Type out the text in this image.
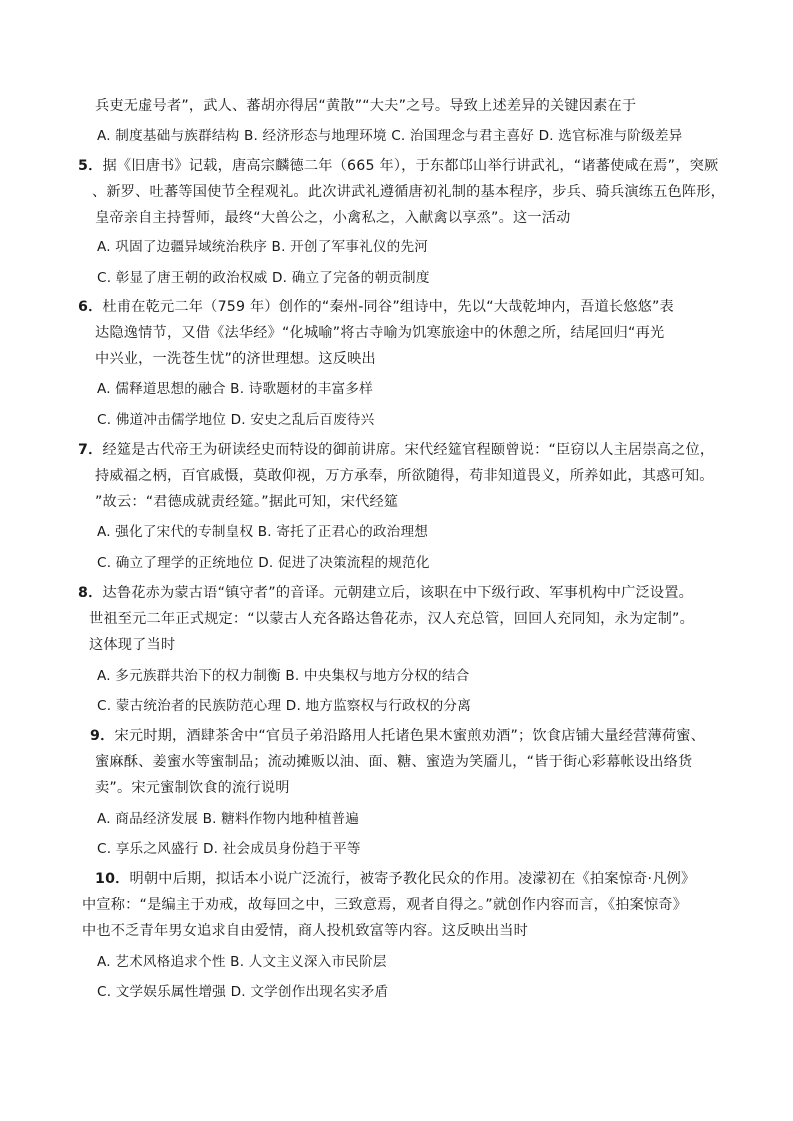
兵吏无虚号者”，武人、蕃胡亦得居“黄散”“大夫”之号。导致上述差异的关键因素在于
A. 制度基础与族群结构 B. 经济形态与地理环境 C. 治国理念与君主喜好 D. 选官标准与阶级差异
5．据《旧唐书》记载，唐高宗麟德二年（665 年），于东都邙山举行讲武礼，“诸蕃使咸在焉”，突厥
、新罗、吐蕃等国使节全程观礼。此次讲武礼遵循唐初礼制的基本程序，步兵、骑兵演练五色阵形，
皇帝亲自主持誓师，最终“大兽公之，小禽私之，入献禽以享烝”。这一活动
A. 巩固了边疆异域统治秩序 B. 开创了军事礼仪的先河
C. 彰显了唐王朝的政治权威 D. 确立了完备的朝贡制度
6．杜甫在乾元二年（759 年）创作的“秦州-同谷”组诗中，先以“大哉乾坤内，吾道长悠悠”表
达隐逸情节，又借《法华经》“化城喻”将古寺喻为饥寒旅途中的休憩之所，结尾回归“再光
中兴业，一洗苍生忧”的济世理想。这反映出
A. 儒释道思想的融合 B. 诗歌题材的丰富多样
C. 佛道冲击儒学地位 D. 安史之乱后百废待兴
7．经筵是古代帝王为研读经史而特设的御前讲席。宋代经筵官程颐曾说：“臣窃以人主居崇高之位，
持威福之柄，百官戚慑，莫敢仰视，万方承奉，所欲随得，苟非知道畏义，所养如此，其惑可知。
”故云：“君德成就责经筵。”据此可知，宋代经筵
A. 强化了宋代的专制皇权 B. 寄托了正君心的政治理想
C. 确立了理学的正统地位 D. 促进了决策流程的规范化
8．达鲁花赤为蒙古语“镇守者”的音译。元朝建立后，该职在中下级行政、军事机构中广泛设置。
世祖至元二年正式规定：“以蒙古人充各路达鲁花赤，汉人充总管，回回人充同知，永为定制”。
这体现了当时
A. 多元族群共治下的权力制衡 B. 中央集权与地方分权的结合
C. 蒙古统治者的民族防范心理 D. 地方监察权与行政权的分离
9．宋元时期，酒肆茶舍中“官员子弟沿路用人托诸色果木蜜煎劝酒”；饮食店铺大量经营薄荷蜜、
蜜麻酥、姜蜜水等蜜制品；流动摊贩以油、面、糖、蜜造为笑靥儿，“皆于街心彩幕帐设出络货
卖”。宋元蜜制饮食的流行说明
A. 商品经济发展 B. 糖料作物内地种植普遍
C. 享乐之风盛行 D. 社会成员身份趋于平等
10．明朝中后期，拟话本小说广泛流行，被寄予教化民众的作用。凌濛初在《拍案惊奇·凡例》
中宣称：“是编主于劝戒，故每回之中，三致意焉，观者自得之。”就创作内容而言，《拍案惊奇》
中也不乏青年男女追求自由爱情，商人投机致富等内容。这反映出当时
A. 艺术风格追求个性 B. 人文主义深入市民阶层
C. 文学娱乐属性增强 D. 文学创作出现名实矛盾
